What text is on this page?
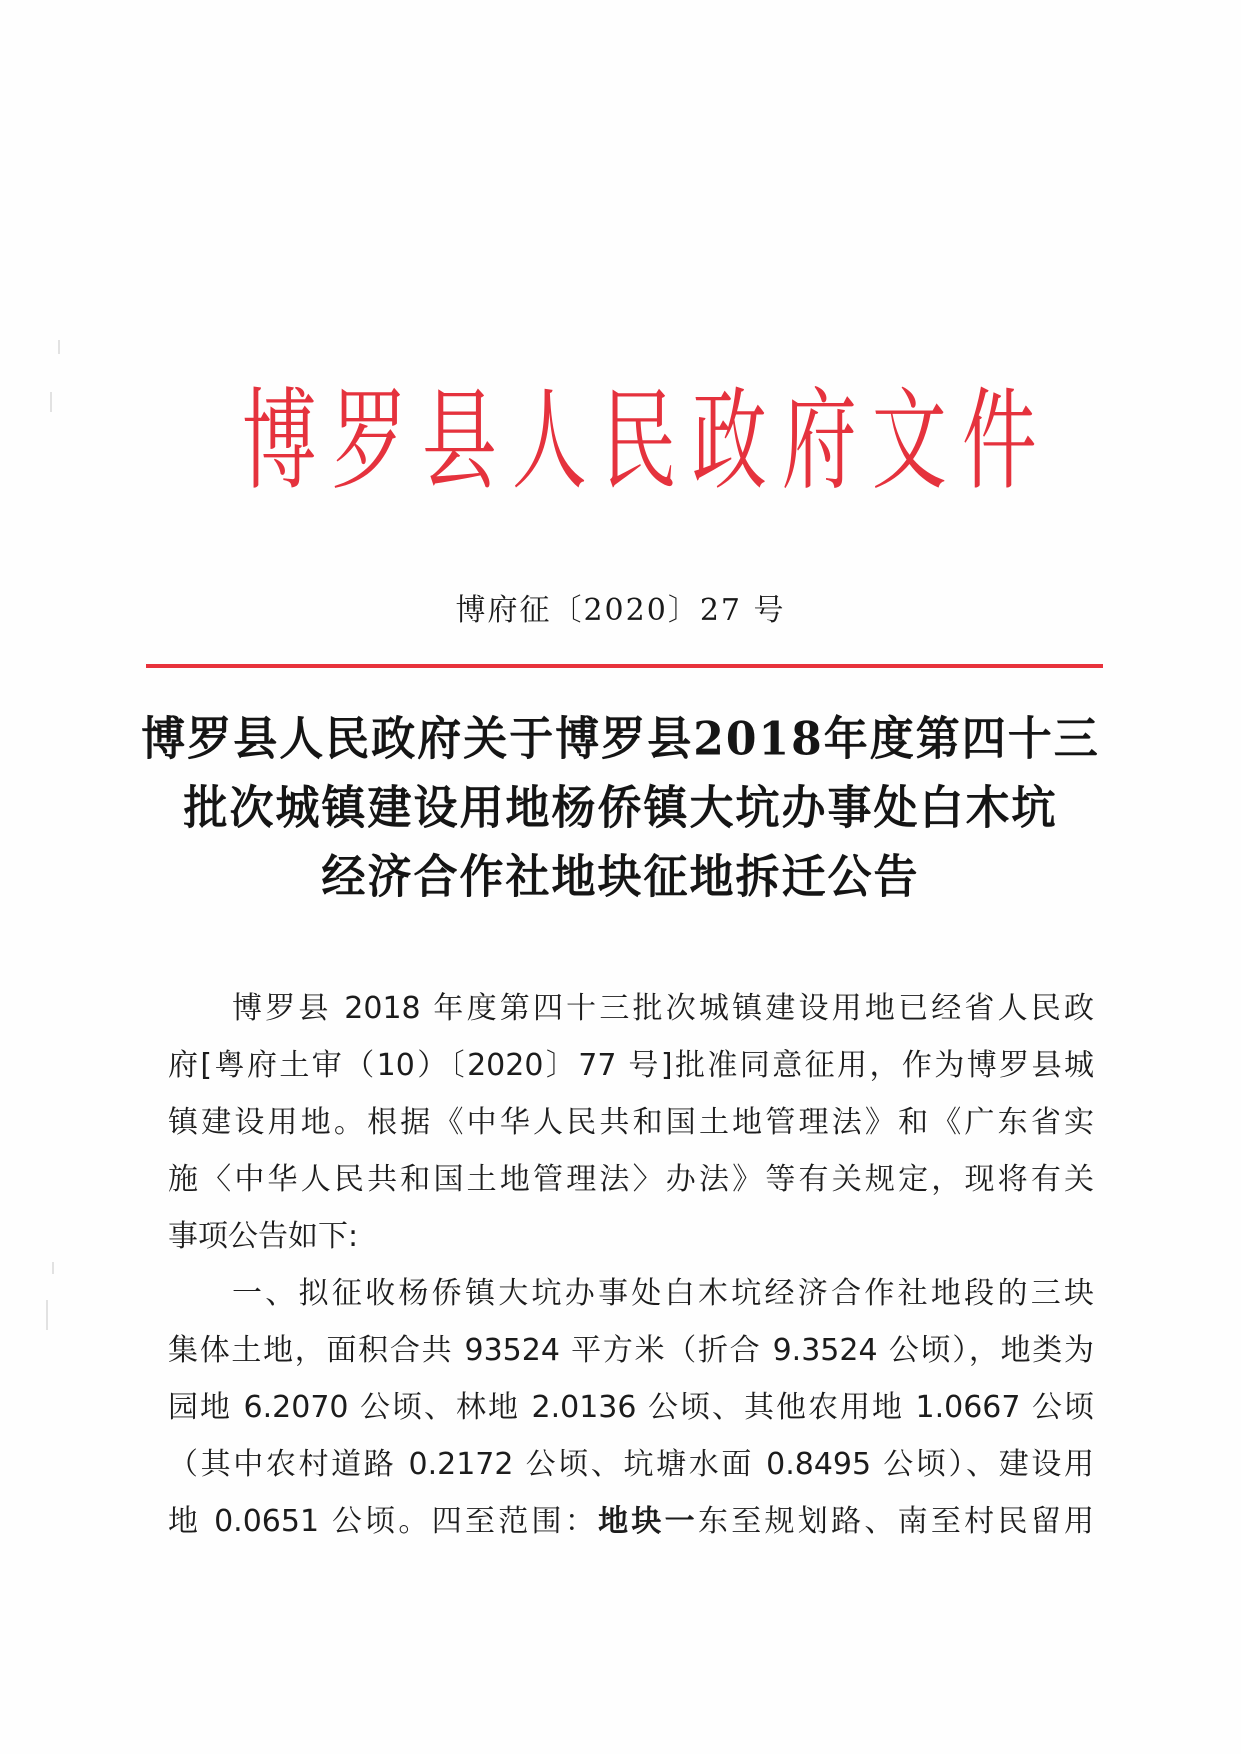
博 罗 县 人 民 政 府 文 件
博府征〔2020〕27 号
博罗县人民政府关于博罗县2018年度第四十三
批次城镇建设用地杨侨镇大坑办事处白木坑
经济合作社地块征地拆迁公告
博罗县 2018 年度第四十三批次城镇建设用地已经省人民政
府[粤府土审（10）〔2020〕77 号]批准同意征用，作为博罗县城
镇建设用地。根据《中华人民共和国土地管理法》和《广东省实
施〈中华人民共和国土地管理法〉办法》等有关规定，现将有关
事项公告如下:
一、拟征收杨侨镇大坑办事处白木坑经济合作社地段的三块
集体土地，面积合共 93524 平方米（折合 9.3524 公顷），地类为
园地 6.2070 公顷、林地 2.0136 公顷、其他农用地 1.0667 公顷
（其中农村道路 0.2172 公顷、坑塘水面 0.8495 公顷）、建设用
地 0.0651 公顷。四至范围：地块一东至规划路、南至村民留用
